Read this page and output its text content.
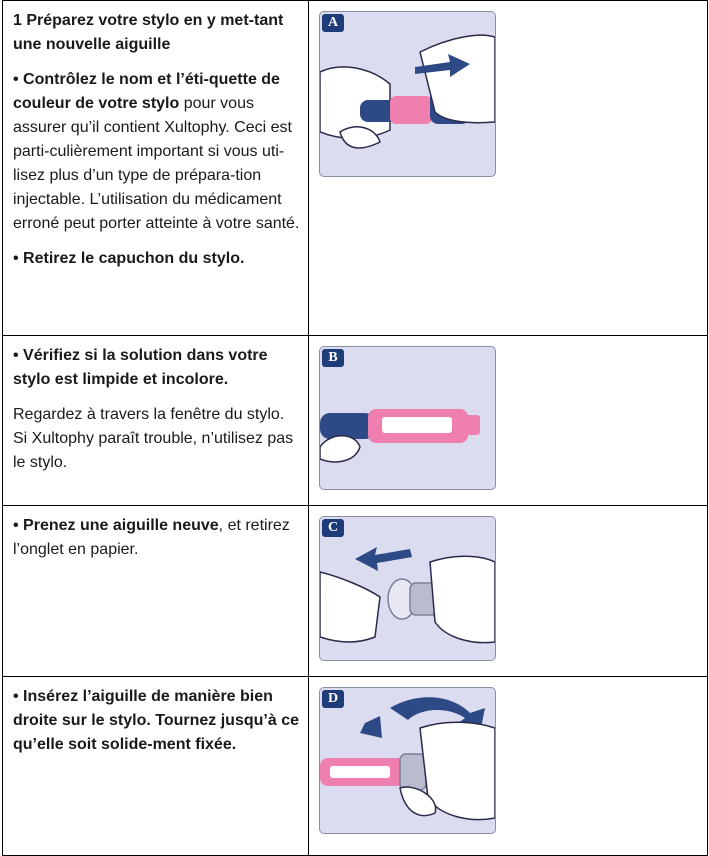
1 Préparez votre stylo en y met-tant une nouvelle aiguille

• Contrôlez le nom et l’éti-quette de couleur de votre stylo pour vous assurer qu’il contient Xultophy. Ceci est parti-culièrement important si vous uti-lisez plus d’un type de prépara-tion injectable. L’utilisation du médicament erroné peut porter atteinte à votre santé.

• Retirez le capuchon du stylo.	A

• Vérifiez si la solution dans votre stylo est limpide et incolore.

Regardez à travers la fenêtre du stylo. Si Xultophy paraît trouble, n’utilisez pas le stylo.	B

• Prenez une aiguille neuve, et retirez l’onglet en papier.	C

• Insérez l’aiguille de manière bien droite sur le stylo. Tournez jusqu’à ce qu’elle soit solide-ment fixée.	D
